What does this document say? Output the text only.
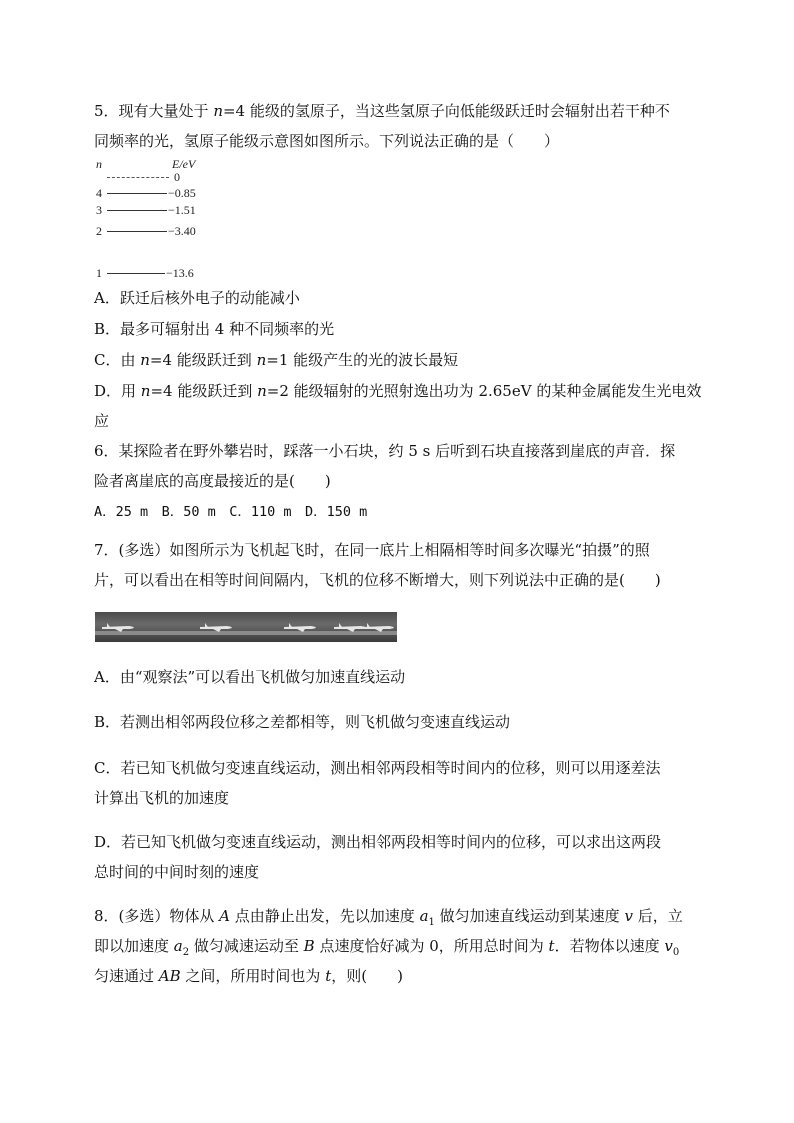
5．现有大量处于 n=4 能级的氢原子，当这些氢原子向低能级跃迁时会辐射出若干种不
同频率的光，氢原子能级示意图如图所示。下列说法正确的是（　　）
n	E/eV
0
4	−0.85
3	−1.51
2	−3.40
1	−13.6
A．跃迁后核外电子的动能减小
B．最多可辐射出 4 种不同频率的光
C．由 n=4 能级跃迁到 n=1 能级产生的光的波长最短
D．用 n=4 能级跃迁到 n=2 能级辐射的光照射逸出功为 2.65eV 的某种金属能发生光电效
应
6．某探险者在野外攀岩时，踩落一小石块，约 5 s 后听到石块直接落到崖底的声音．探
险者离崖底的高度最接近的是(　　)
A．25 m　B．50 m　C．110 m　D．150 m
7．(多选）如图所示为飞机起飞时，在同一底片上相隔相等时间多次曝光“拍摄”的照
片，可以看出在相等时间间隔内，飞机的位移不断增大，则下列说法中正确的是(　　)
A．由“观察法”可以看出飞机做匀加速直线运动
B．若测出相邻两段位移之差都相等，则飞机做匀变速直线运动
C．若已知飞机做匀变速直线运动，测出相邻两段相等时间内的位移，则可以用逐差法
计算出飞机的加速度
D．若已知飞机做匀变速直线运动，测出相邻两段相等时间内的位移，可以求出这两段
总时间的中间时刻的速度
8．(多选）物体从 A 点由静止出发，先以加速度 $a_1$ 做匀加速直线运动到某速度 v 后，立
即以加速度 $a_2$ 做匀减速运动至 B 点速度恰好减为 0，所用总时间为 t．若物体以速度 $v_0$
匀速通过 AB 之间，所用时间也为 t，则(　　)
